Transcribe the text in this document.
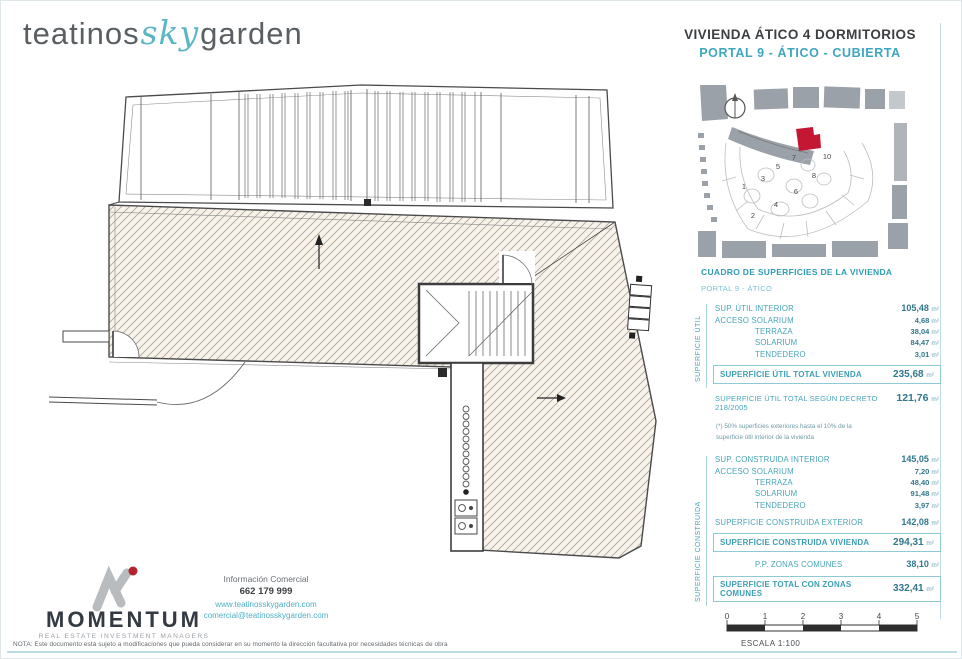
teatinosskygarden	VIVIENDA ÁTICO 4 DORMITORIOS
PORTAL 9 - ÁTICO - CUBIERTA
1
2
3
4
5
6
7
8
10
CUADRO DE SUPERFICIES DE LA VIVIENDA
PORTAL 9 - ÁTICO
SUPERFICIE ÚTIL
SUP. ÚTIL INTERIOR	105,48 m²
ACCESO SOLARIUM	4,68 m²
TERRAZA	38,04 m²
SOLARIUM	84,47 m²
TENDEDERO	3,01 m²
SUPERFICIE ÚTIL TOTAL VIVIENDA	235,68 m²
SUPERFICIE ÚTIL TOTAL SEGÚN DECRETO 218/2005
121,76 m²
(*) 50% superficies exteriores hasta el 10% de la
superficie útil interior de la vivienda
SUPERFICIE CONSTRUIDA
SUP. CONSTRUIDA INTERIOR	145,05 m²
ACCESO SOLARIUM	7,20 m²
TERRAZA	48,40 m²
SOLARIUM	91,48 m²
TENDEDERO	3,97 m²
SUPERFICIE CONSTRUIDA EXTERIOR	142,08 m²
SUPERFICIE CONSTRUIDA VIVIENDA 294,31 m²
P.P. ZONAS COMUNES	38,10 m²
SUPERFICIE TOTAL CON ZONAS COMUNES	332,41 m²
MOMENTUM
REAL ESTATE INVESTMENT MANAGERS
Información Comercial
662 179 999
www.teatinosskygarden.com
comercial@teatinosskygarden.com
NOTA: Este documento está sujeto a modificaciones que pueda considerar en su momento la dirección facultativa por necesidades técnicas de obra
0	1	2	3	4	5
ESCALA 1:100
